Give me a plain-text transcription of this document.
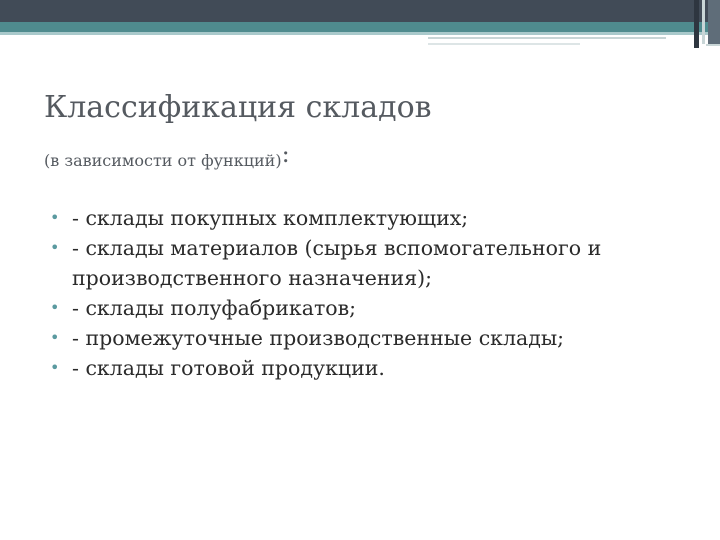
Классификация складов
(в зависимости от функций):
• - склады покупных комплектующих;
• - склады материалов (сырья вспомогательного и производственного назначения);
• - склады полуфабрикатов;
• - промежуточные производственные склады;
• - склады готовой продукции.
